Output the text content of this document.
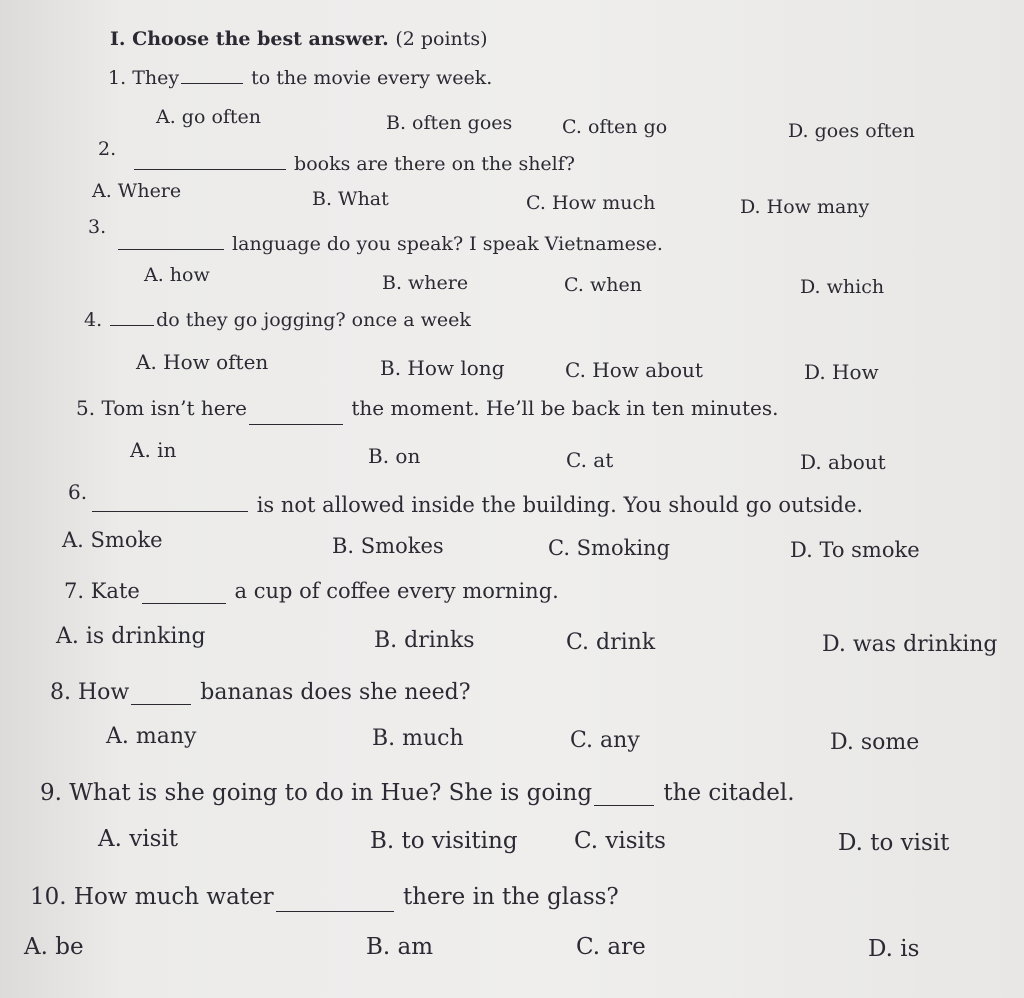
I. Choose the best answer. (2 points)
1. They	to the movie every week.
A. go often	B. often goes	C. often go	D. goes often
2.
books are there on the shelf?
A. Where	B. What	C. How much	D. How many
3.
language do you speak? I speak Vietnamese.
A. how	B. where	C. when	D. which
4.	do they go jogging? once a week
A. How often	B. How long	C. How about	D. How
5. Tom isn’t here	the moment. He’ll be back in ten minutes.
A. in	B. on	C. at	D. about
6.
is not allowed inside the building. You should go outside.
A. Smoke	B. Smokes	C. Smoking	D. To smoke
7. Kate	a cup of coffee every morning.
A. is drinking	B. drinks	C. drink	D. was drinking
8. How	bananas does she need?
A. many	B. much	C. any	D. some
9. What is she going to do in Hue? She is going	the citadel.
A. visit	B. to visiting C. visits	D. to visit
10. How much water	there in the glass?
A. be	B. am	C. are	D. is
